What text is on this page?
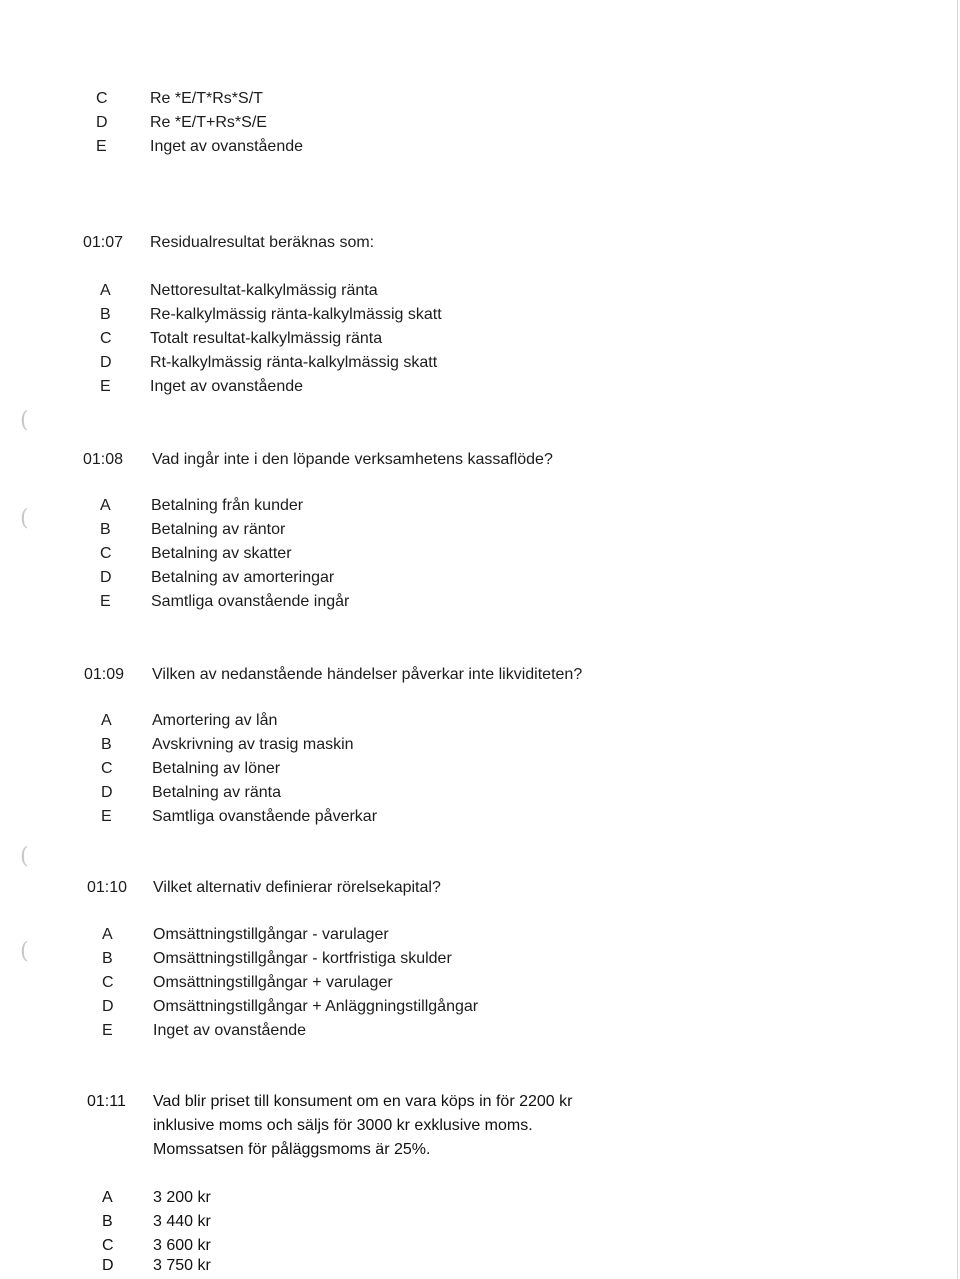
(
(
(
(
C	Re *E/T*Rs*S/T
D	Re *E/T+Rs*S/E
E	Inget av ovanstående
01:07	Residualresultat beräknas som:
A	Nettoresultat-kalkylmässig ränta
B	Re-kalkylmässig ränta-kalkylmässig skatt
C	Totalt resultat-kalkylmässig ränta
D	Rt-kalkylmässig ränta-kalkylmässig skatt
E	Inget av ovanstående
01:08	Vad ingår inte i den löpande verksamhetens kassaflöde?
A	Betalning från kunder
B	Betalning av räntor
C	Betalning av skatter
D	Betalning av amorteringar
E	Samtliga ovanstående ingår
01:09	Vilken av nedanstående händelser påverkar inte likviditeten?
A	Amortering av lån
B	Avskrivning av trasig maskin
C	Betalning av löner
D	Betalning av ränta
E	Samtliga ovanstående påverkar
01:10	Vilket alternativ definierar rörelsekapital?
A	Omsättningstillgångar - varulager
B	Omsättningstillgångar - kortfristiga skulder
C	Omsättningstillgångar + varulager
D	Omsättningstillgångar + Anläggningstillgångar
E	Inget av ovanstående
01:11	Vad blir priset till konsument om en vara köps in för 2200 kr
inklusive moms och säljs för 3000 kr exklusive moms.
Momssatsen för påläggsmoms är 25%.
A	3 200 kr
B	3 440 kr
C	3 600 kr
D	3 750 kr
